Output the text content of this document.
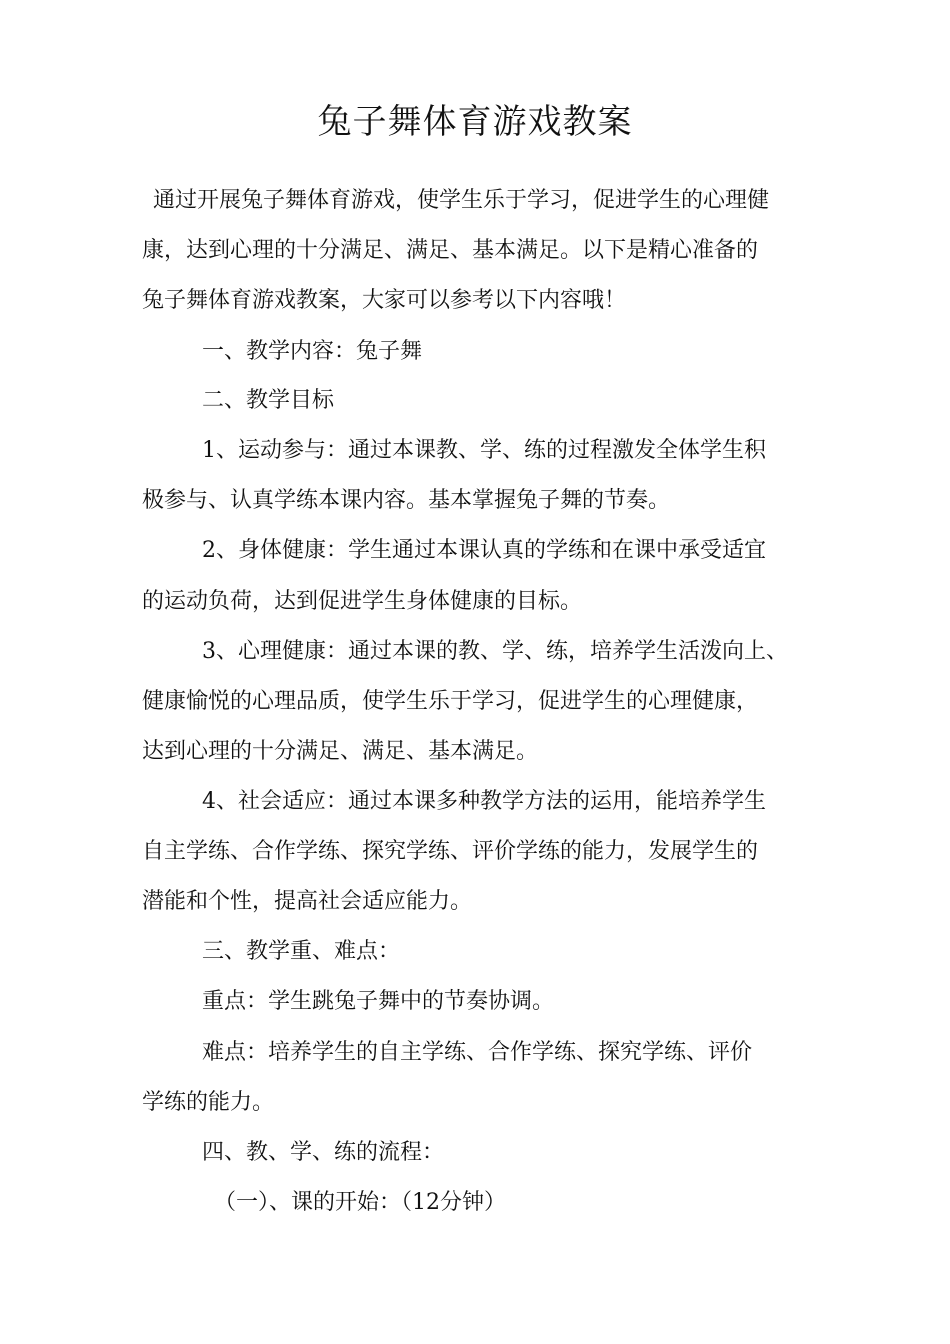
兔子舞体育游戏教案
通过开展兔子舞体育游戏，使学生乐于学习，促进学生的心理健
康，达到心理的十分满足、满足、基本满足。以下是精心准备的
兔子舞体育游戏教案，大家可以参考以下内容哦！
一、教学内容：兔子舞
二、教学目标
1、运动参与：通过本课教、学、练的过程激发全体学生积
极参与、认真学练本课内容。基本掌握兔子舞的节奏。
2、身体健康：学生通过本课认真的学练和在课中承受适宜
的运动负荷，达到促进学生身体健康的目标。
3、心理健康：通过本课的教、学、练，培养学生活泼向上、
健康愉悦的心理品质，使学生乐于学习，促进学生的心理健康，
达到心理的十分满足、满足、基本满足。
4、社会适应：通过本课多种教学方法的运用，能培养学生
自主学练、合作学练、探究学练、评价学练的能力，发展学生的
潜能和个性，提高社会适应能力。
三、教学重、难点：
重点：学生跳兔子舞中的节奏协调。
难点：培养学生的自主学练、合作学练、探究学练、评价
学练的能力。
四、教、学、练的流程：
（一）、课的开始：（12分钟）
